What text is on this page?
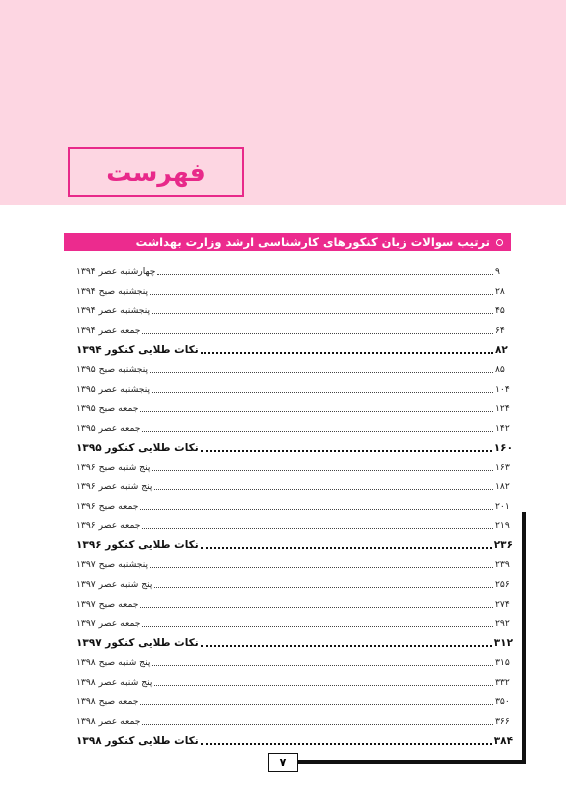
فهرست
ترتیب سوالات زبان کنکورهای کارشناسی ارشد وزارت بهداشت
چهارشنبه عصر ۱۳۹۴	۹
پنجشنبه صبح ۱۳۹۴	۲۸
پنجشنبه عصر ۱۳۹۴	۴۵
جمعه عصر ۱۳۹۴	۶۴
نکات طلایی کنکور ۱۳۹۴	۸۲
پنجشنبه صبح ۱۳۹۵	۸۵
پنجشنبه عصر ۱۳۹۵	۱۰۴
جمعه صبح ۱۳۹۵	۱۲۴
جمعه عصر ۱۳۹۵	۱۴۲
نکات طلایی کنکور ۱۳۹۵	۱۶۰
پنج شنبه صبح ۱۳۹۶	۱۶۳
پنج شنبه عصر ۱۳۹۶	۱۸۲
جمعه صبح ۱۳۹۶	۲۰۱
جمعه عصر ۱۳۹۶	۲۱۹
نکات طلایی کنکور ۱۳۹۶	۲۳۶
پنجشنبه صبح ۱۳۹۷	۲۳۹
پنج شنبه عصر ۱۳۹۷	۲۵۶
جمعه صبح ۱۳۹۷	۲۷۴
جمعه عصر ۱۳۹۷	۲۹۲
نکات طلایی کنکور ۱۳۹۷	۳۱۲
پنج شنبه صبح ۱۳۹۸	۳۱۵
پنج شنبه عصر ۱۳۹۸	۳۳۲
جمعه صبح ۱۳۹۸	۳۵۰
جمعه عصر ۱۳۹۸	۳۶۶
نکات طلایی کنکور ۱۳۹۸	۳۸۴
۷
